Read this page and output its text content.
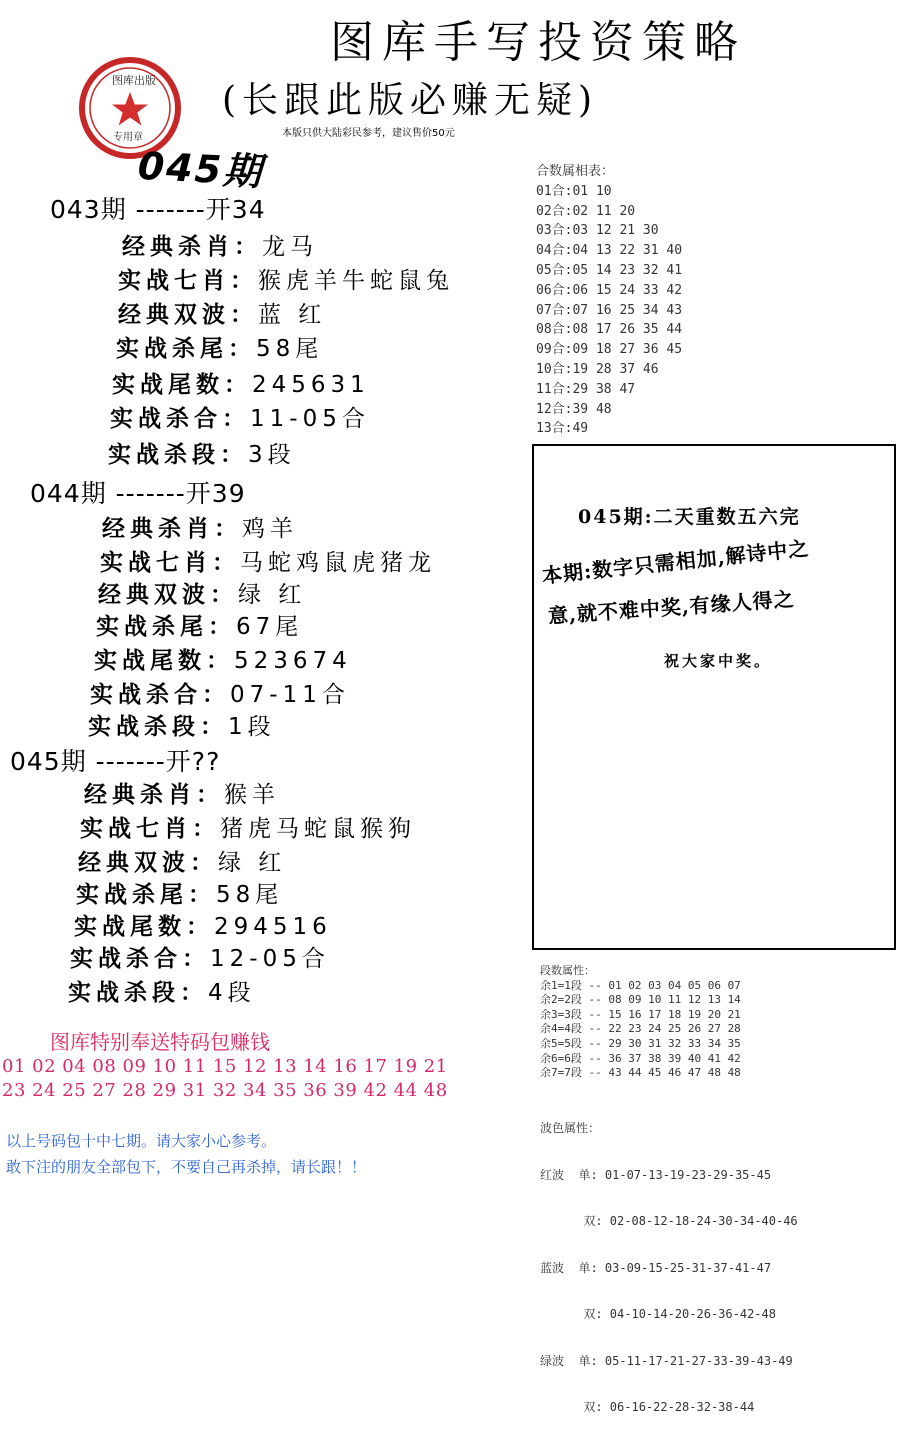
图库手写投资策略
(长跟此版必赚无疑)
本版只供大陆彩民参考，建议售价50元
图库出版
专用章
045期
043期 -------开34
经典杀肖：龙马
实战七肖：猴虎羊牛蛇鼠兔
经典双波：蓝 红
实战杀尾：58尾
实战尾数：245631
实战杀合：11-05合
实战杀段：3段
044期 -------开39
经典杀肖：鸡羊
实战七肖：马蛇鸡鼠虎猪龙
经典双波：绿 红
实战杀尾：67尾
实战尾数：523674
实战杀合：07-11合
实战杀段：1段
045期 -------开??
经典杀肖：猴羊
实战七肖：猪虎马蛇鼠猴狗
经典双波：绿 红
实战杀尾：58尾
实战尾数：294516
实战杀合：12-05合
实战杀段：4段
合数属相表：
01合:01 10
02合:02 11 20
03合:03 12 21 30
04合:04 13 22 31 40
05合:05 14 23 32 41
06合:06 15 24 33 42
07合:07 16 25 34 43
08合:08 17 26 35 44
09合:09 18 27 36 45
10合:19 28 37 46
11合:29 38 47
12合:39 48
13合:49
045期:二天重数五六完
本期:数字只需相加,解诗中之
意,就不难中奖,有缘人得之
祝大家中奖。
图库特别奉送特码包赚钱
01 02 04 08 09 10 11 15 12 13 14 16 17 19 21
23 24 25 27 28 29 31 32 34 35 36 39 42 44 48
以上号码包十中七期。请大家小心参考。
敢下注的朋友全部包下，不要自己再杀掉，请长跟！！
段数属性：
余1=1段 -- 01 02 03 04 05 06 07
余2=2段 -- 08 09 10 11 12 13 14
余3=3段 -- 15 16 17 18 19 20 21
余4=4段 -- 22 23 24 25 26 27 28
余5=5段 -- 29 30 31 32 33 34 35
余6=6段 -- 36 37 38 39 40 41 42
余7=7段 -- 43 44 45 46 47 48 48

波色属性：

红波  单: 01-07-13-19-23-29-35-45

双: 02-08-12-18-24-30-34-40-46

蓝波  单: 03-09-15-25-31-37-41-47

双: 04-10-14-20-26-36-42-48

绿波  单: 05-11-17-21-27-33-39-43-49

双: 06-16-22-28-32-38-44
